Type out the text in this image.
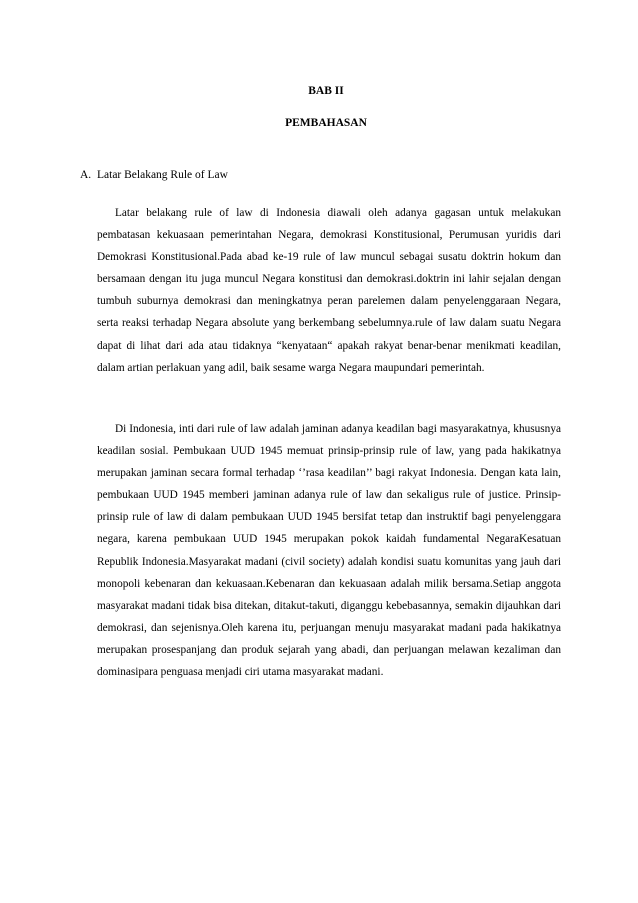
BAB II
PEMBAHASAN
A. Latar Belakang Rule of Law

Latar belakang rule of law di Indonesia diawali oleh adanya gagasan untuk melakukan pembatasan kekuasaan pemerintahan Negara, demokrasi Konstitusional, Perumusan yuridis dari Demokrasi Konstitusional.Pada abad ke-19 rule of law muncul sebagai susatu doktrin hokum dan bersamaan dengan itu juga muncul Negara konstitusi dan demokrasi.doktrin ini lahir sejalan dengan tumbuh suburnya demokrasi dan meningkatnya peran parelemen dalam penyelenggaraan Negara, serta reaksi terhadap Negara absolute yang berkembang sebelumnya.rule of law dalam suatu Negara dapat di lihat dari ada atau tidaknya “kenyataan“ apakah rakyat benar-benar menikmati keadilan, dalam artian perlakuan yang adil, baik sesame warga Negara maupundari pemerintah.

Di Indonesia, inti dari rule of law adalah jaminan adanya keadilan bagi masyarakatnya, khususnya keadilan sosial. Pembukaan UUD 1945 memuat prinsip-prinsip rule of law, yang pada hakikatnya merupakan jaminan secara formal terhadap ‘’rasa keadilan’’ bagi rakyat Indonesia. Dengan kata lain, pembukaan UUD 1945 memberi jaminan adanya rule of law dan sekaligus rule of justice. Prinsip-prinsip rule of law di dalam pembukaan UUD 1945 bersifat tetap dan instruktif bagi penyelenggara negara, karena pembukaan UUD 1945 merupakan pokok kaidah fundamental NegaraKesatuan Republik Indonesia.Masyarakat madani (civil society) adalah kondisi suatu komunitas yang jauh dari monopoli kebenaran dan kekuasaan.Kebenaran dan kekuasaan adalah milik bersama.Setiap anggota masyarakat madani tidak bisa ditekan, ditakut-takuti, diganggu kebebasannya, semakin dijauhkan dari demokrasi, dan sejenisnya.Oleh karena itu, perjuangan menuju masyarakat madani pada hakikatnya merupakan prosespanjang dan produk sejarah yang abadi, dan perjuangan melawan kezaliman dan dominasipara penguasa menjadi ciri utama masyarakat madani.
